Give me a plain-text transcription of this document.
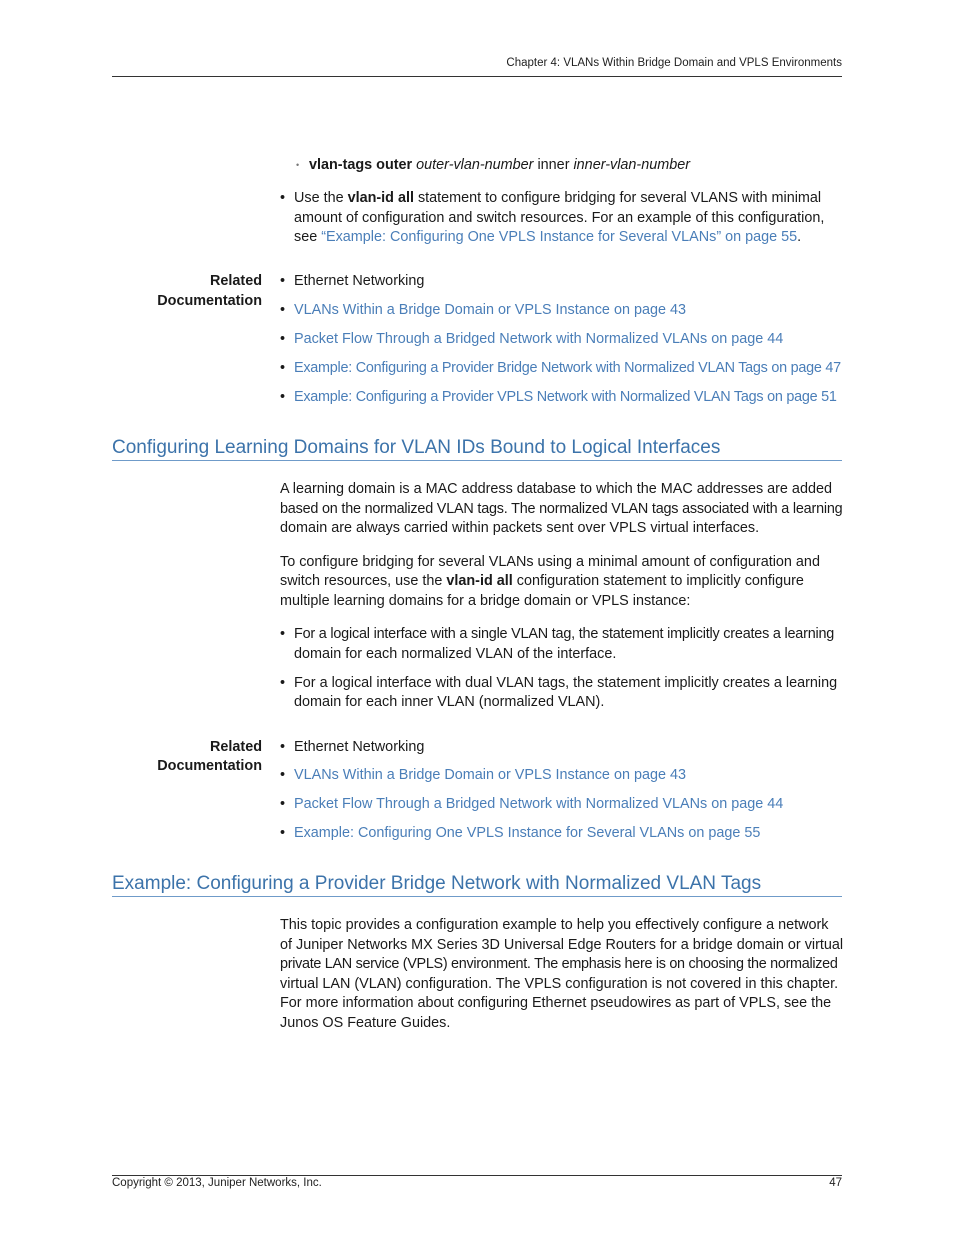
Chapter 4: VLANs Within Bridge Domain and VPLS Environments
• vlan-tags outer outer-vlan-number inner inner-vlan-number
• Use the vlan-id all statement to configure bridging for several VLANS with minimal
amount of configuration and switch resources. For an example of this configuration,
see “Example: Configuring One VPLS Instance for Several VLANs” on page 55.
Related
Documentation
• Ethernet Networking
• VLANs Within a Bridge Domain or VPLS Instance on page 43
• Packet Flow Through a Bridged Network with Normalized VLANs on page 44
• Example: Configuring a Provider Bridge Network with Normalized VLAN Tags on page 47
• Example: Configuring a Provider VPLS Network with Normalized VLAN Tags on page 51
Configuring Learning Domains for VLAN IDs Bound to Logical Interfaces
A learning domain is a MAC address database to which the MAC addresses are added
based on the normalized VLAN tags. The normalized VLAN tags associated with a learning
domain are always carried within packets sent over VPLS virtual interfaces.
To configure bridging for several VLANs using a minimal amount of configuration and
switch resources, use the vlan-id all configuration statement to implicitly configure
multiple learning domains for a bridge domain or VPLS instance:
• For a logical interface with a single VLAN tag, the statement implicitly creates a learning
domain for each normalized VLAN of the interface.
• For a logical interface with dual VLAN tags, the statement implicitly creates a learning
domain for each inner VLAN (normalized VLAN).
Related
Documentation
• Ethernet Networking
• VLANs Within a Bridge Domain or VPLS Instance on page 43
• Packet Flow Through a Bridged Network with Normalized VLANs on page 44
• Example: Configuring One VPLS Instance for Several VLANs on page 55
Example: Configuring a Provider Bridge Network with Normalized VLAN Tags
This topic provides a configuration example to help you effectively configure a network
of Juniper Networks MX Series 3D Universal Edge Routers for a bridge domain or virtual
private LAN service (VPLS) environment. The emphasis here is on choosing the normalized
virtual LAN (VLAN) configuration. The VPLS configuration is not covered in this chapter.
For more information about configuring Ethernet pseudowires as part of VPLS, see the
Junos OS Feature Guides.
Copyright © 2013, Juniper Networks, Inc.	47
